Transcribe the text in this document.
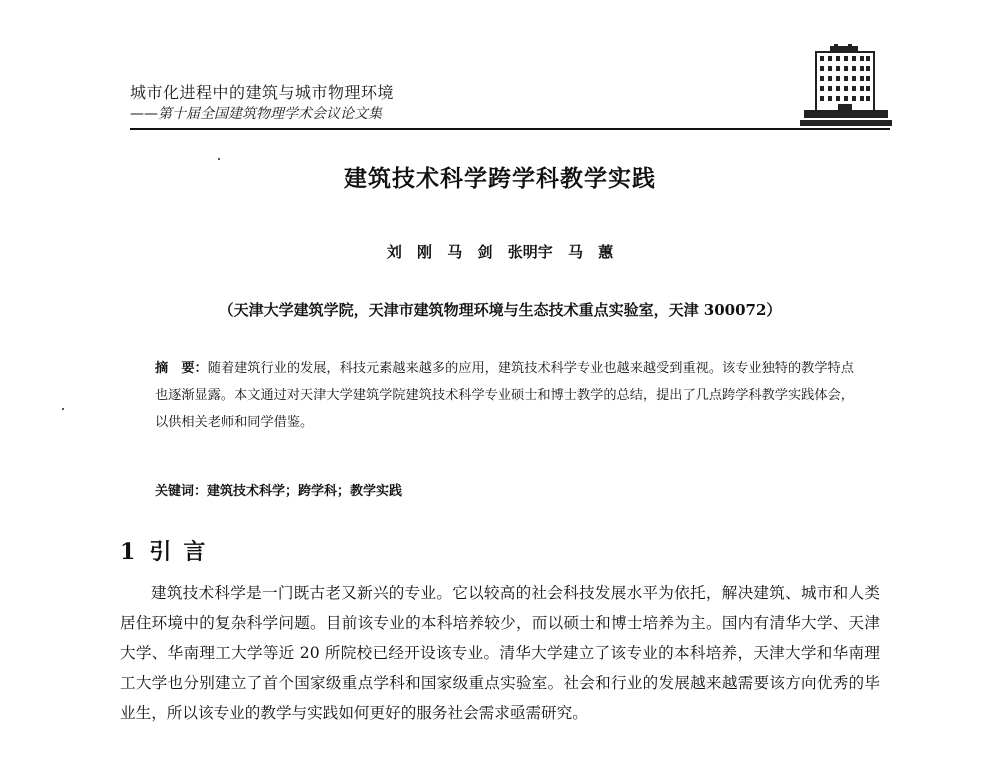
城市化进程中的建筑与城市物理环境
——第十届全国建筑物理学术会议论文集
建筑技术科学跨学科教学实践
刘 刚 马 剑 张明宇 马 蕙
（天津大学建筑学院，天津市建筑物理环境与生态技术重点实验室，天津 300072）
摘　要：随着建筑行业的发展，科技元素越来越多的应用，建筑技术科学专业也越来越受到重视。该专业独特的教学特点也逐渐显露。本文通过对天津大学建筑学院建筑技术科学专业硕士和博士教学的总结，提出了几点跨学科教学实践体会，以供相关老师和同学借鉴。
关键词：建筑技术科学；跨学科；教学实践
1 引言
建筑技术科学是一门既古老又新兴的专业。它以较高的社会科技发展水平为依托，解决建筑、城市和人类居住环境中的复杂科学问题。目前该专业的本科培养较少，而以硕士和博士培养为主。国内有清华大学、天津大学、华南理工大学等近 20 所院校已经开设该专业。清华大学建立了该专业的本科培养，天津大学和华南理工大学也分别建立了首个国家级重点学科和国家级重点实验室。社会和行业的发展越来越需要该方向优秀的毕业生，所以该专业的教学与实践如何更好的服务社会需求亟需研究。
